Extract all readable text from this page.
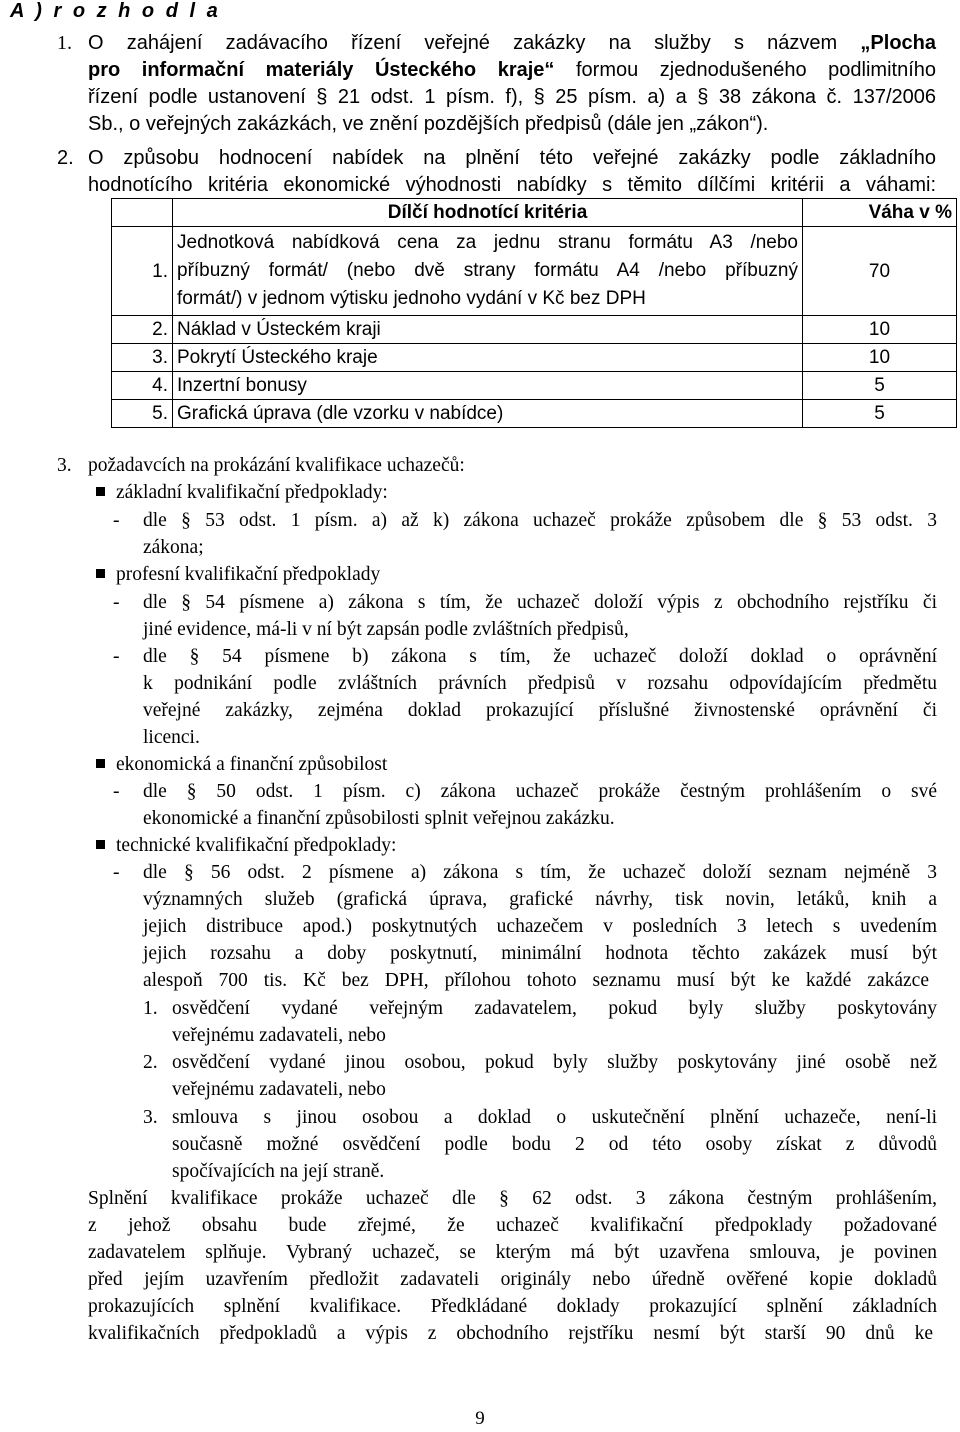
A ) r o z h o d l a
1. O zahájení zadávacího řízení veřejné zakázky na služby s názvem „Plocha
pro informační materiály Ústeckého kraje“ formou zjednodušeného podlimitního
řízení podle ustanovení § 21 odst. 1 písm. f), § 25 písm. a) a § 38 zákona č. 137/2006
Sb., o veřejných zakázkách, ve znění pozdějších předpisů (dále jen „zákon“).
2. O způsobu hodnocení nabídek na plnění této veřejné zakázky podle základního
hodnotícího kritéria ekonomické výhodnosti nabídky s těmito dílčími kritérii a váhami:
	Dílčí hodnotící kritéria	Váha v %
1.	Jednotková nabídková cena za jednu stranu formátu A3 /nebo
příbuzný formát/ (nebo dvě strany formátu A4 /nebo příbuzný
formát/) v jednom výtisku jednoho vydání v Kč bez DPH	70
2.	Náklad v Ústeckém kraji	10
3.	Pokrytí Ústeckého kraje	10
4.	Inzertní bonusy	5
5.	Grafická úprava (dle vzorku v nabídce)	5
3. požadavcích na prokázání kvalifikace uchazečů:
základní kvalifikační předpoklady:
- dle § 53 odst. 1 písm. a) až k) zákona uchazeč prokáže způsobem dle § 53 odst. 3
zákona;
profesní kvalifikační předpoklady
- dle § 54 písmene a) zákona s tím, že uchazeč doloží výpis z obchodního rejstříku či
jiné evidence, má-li v ní být zapsán podle zvláštních předpisů,
- dle § 54 písmene b) zákona s tím, že uchazeč doloží doklad o oprávnění
k podnikání podle zvláštních právních předpisů v rozsahu odpovídajícím předmětu
veřejné zakázky, zejména doklad prokazující příslušné živnostenské oprávnění či
licenci.
ekonomická a finanční způsobilost
- dle § 50 odst. 1 písm. c) zákona uchazeč prokáže čestným prohlášením o své
ekonomické a finanční způsobilosti splnit veřejnou zakázku.
technické kvalifikační předpoklady:
- dle § 56 odst. 2 písmene a) zákona s tím, že uchazeč doloží seznam nejméně 3
významných služeb (grafická úprava, grafické návrhy, tisk novin, letáků, knih a
jejich distribuce apod.) poskytnutých uchazečem v posledních 3 letech s uvedením
jejich rozsahu a doby poskytnutí, minimální hodnota těchto zakázek musí být
alespoň 700 tis. Kč bez DPH, přílohou tohoto seznamu musí být ke každé zakázce
1. osvědčení vydané veřejným zadavatelem, pokud byly služby poskytovány
veřejnému zadavateli, nebo
2. osvědčení vydané jinou osobou, pokud byly služby poskytovány jiné osobě než
veřejnému zadavateli, nebo
3. smlouva s jinou osobou a doklad o uskutečnění plnění uchazeče, není-li
současně možné osvědčení podle bodu 2 od této osoby získat z důvodů
spočívajících na její straně.
Splnění kvalifikace prokáže uchazeč dle § 62 odst. 3 zákona čestným prohlášením,
z jehož obsahu bude zřejmé, že uchazeč kvalifikační předpoklady požadované
zadavatelem splňuje. Vybraný uchazeč, se kterým má být uzavřena smlouva, je povinen
před jejím uzavřením předložit zadavateli originály nebo úředně ověřené kopie dokladů
prokazujících splnění kvalifikace. Předkládané doklady prokazující splnění základních
kvalifikačních předpokladů a výpis z obchodního rejstříku nesmí být starší 90 dnů ke
9
